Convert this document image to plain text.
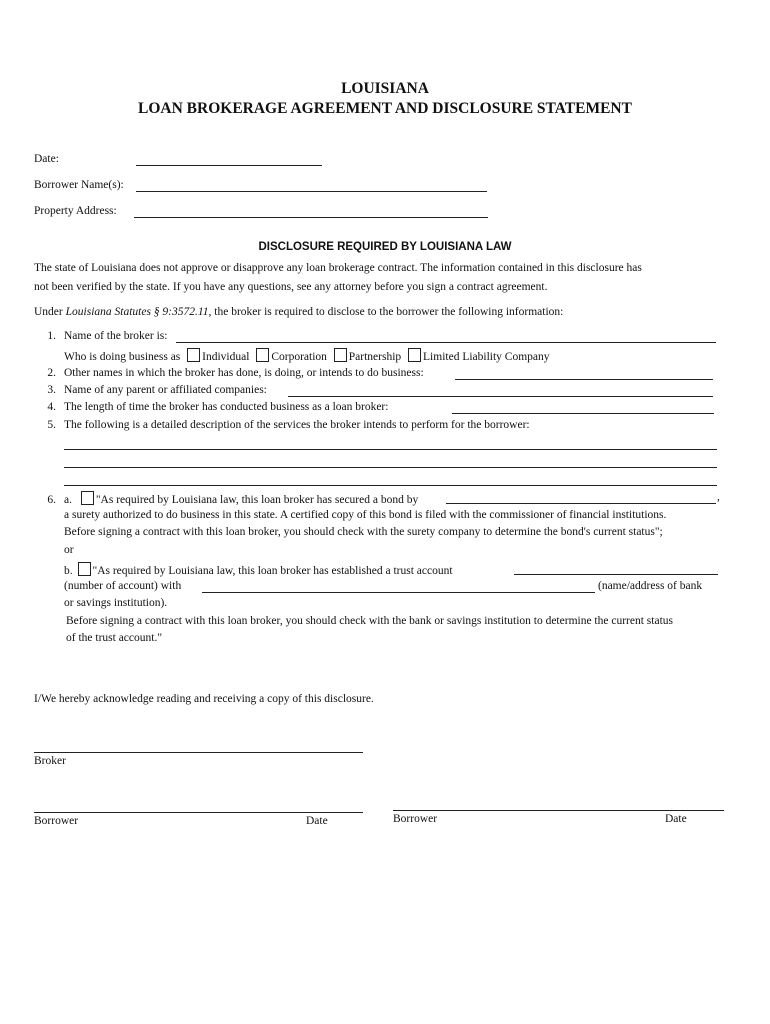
LOUISIANA
LOAN BROKERAGE AGREEMENT AND DISCLOSURE STATEMENT
Date:
Borrower Name(s):
Property Address:
DISCLOSURE REQUIRED BY LOUISIANA LAW
The state of Louisiana does not approve or disapprove any loan brokerage contract. The information contained in this disclosure has
not been verified by the state. If you have any questions, see any attorney before you sign a contract agreement.
Under Louisiana Statutes § 9:3572.11, the broker is required to disclose to the borrower the following information:
1. Name of the broker is:
Who is doing business as Individual Corporation Partnership Limited Liability Company
2. Other names in which the broker has done, is doing, or intends to do business:
3. Name of any parent or affiliated companies:
4. The length of time the broker has conducted business as a loan broker:
5. The following is a detailed description of the services the broker intends to perform for the borrower:
6. a. "As required by Louisiana law, this loan broker has secured a bond by	,
a surety authorized to do business in this state. A certified copy of this bond is filed with the commissioner of financial institutions.
Before signing a contract with this loan broker, you should check with the surety company to determine the bond's current status";
or
b. "As required by Louisiana law, this loan broker has established a trust account
(number of account) with	(name/address of bank
or savings institution).
Before signing a contract with this loan broker, you should check with the bank or savings institution to determine the current status
of the trust account."
I/We hereby acknowledge reading and receiving a copy of this disclosure.
Broker
Borrower	Date	Borrower	Date
